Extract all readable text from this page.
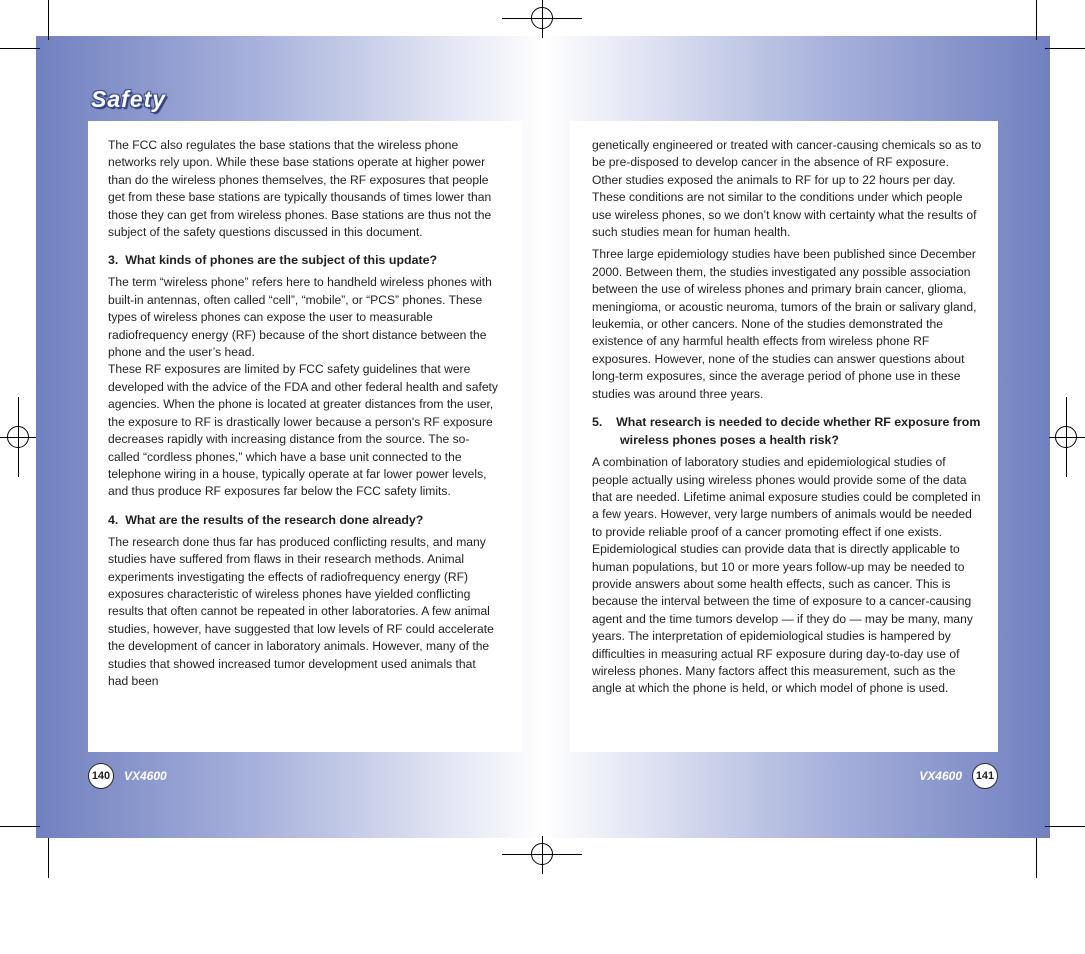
Safety

The FCC also regulates the base stations that the wireless phone networks rely upon. While these base stations operate at higher power than do the wireless phones themselves, the RF exposures that people get from these base stations are typically thousands of times lower than those they can get from wireless phones. Base stations are thus not the subject of the safety questions discussed in this document.

3.  What kinds of phones are the subject of this update?

The term “wireless phone” refers here to handheld wireless phones with built-in antennas, often called “cell”, “mobile”, or “PCS” phones. These types of wireless phones can expose the user to measurable radiofrequency energy (RF) because of the short distance between the phone and the user’s head.

These RF exposures are limited by FCC safety guidelines that were developed with the advice of the FDA and other federal health and safety agencies. When the phone is located at greater distances from the user, the exposure to RF is drastically lower because a person's RF exposure decreases rapidly with increasing distance from the source. The so-called “cordless phones,” which have a base unit connected to the telephone wiring in a house, typically operate at far lower power levels, and thus produce RF exposures far below the FCC safety limits.

4.  What are the results of the research done already?

The research done thus far has produced conflicting results, and many studies have suffered from flaws in their research methods. Animal experiments investigating the effects of radiofrequency energy (RF) exposures characteristic of wireless phones have yielded conflicting results that often cannot be repeated in other laboratories. A few animal studies, however, have suggested that low levels of RF could accelerate the development of cancer in laboratory animals. However, many of the studies that showed increased tumor development used animals that had been

genetically engineered or treated with cancer-causing chemicals so as to be pre-disposed to develop cancer in the absence of RF exposure. Other studies exposed the animals to RF for up to 22 hours per day. These conditions are not similar to the conditions under which people use wireless phones, so we don’t know with certainty what the results of such studies mean for human health.

Three large epidemiology studies have been published since December 2000. Between them, the studies investigated any possible association between the use of wireless phones and primary brain cancer, glioma, meningioma, or acoustic neuroma, tumors of the brain or salivary gland, leukemia, or other cancers. None of the studies demonstrated the existence of any harmful health effects from wireless phone RF exposures. However, none of the studies can answer questions about long-term exposures, since the average period of phone use in these studies was around three years.

5.    What research is needed to decide whether RF exposure from wireless phones poses a health risk?

A combination of laboratory studies and epidemiological studies of people actually using wireless phones would provide some of the data that are needed. Lifetime animal exposure studies could be completed in a few years. However, very large numbers of animals would be needed to provide reliable proof of a cancer promoting effect if one exists. Epidemiological studies can provide data that is directly applicable to human populations, but 10 or more years follow-up may be needed to provide answers about some health effects, such as cancer. This is because the interval between the time of exposure to a cancer-causing agent and the time tumors develop — if they do — may be many, many years. The interpretation of epidemiological studies is hampered by difficulties in measuring actual RF exposure during day-to-day use of wireless phones. Many factors affect this measurement, such as the angle at which the phone is held, or which model of phone is used.

140	VX4600	VX4600	141
